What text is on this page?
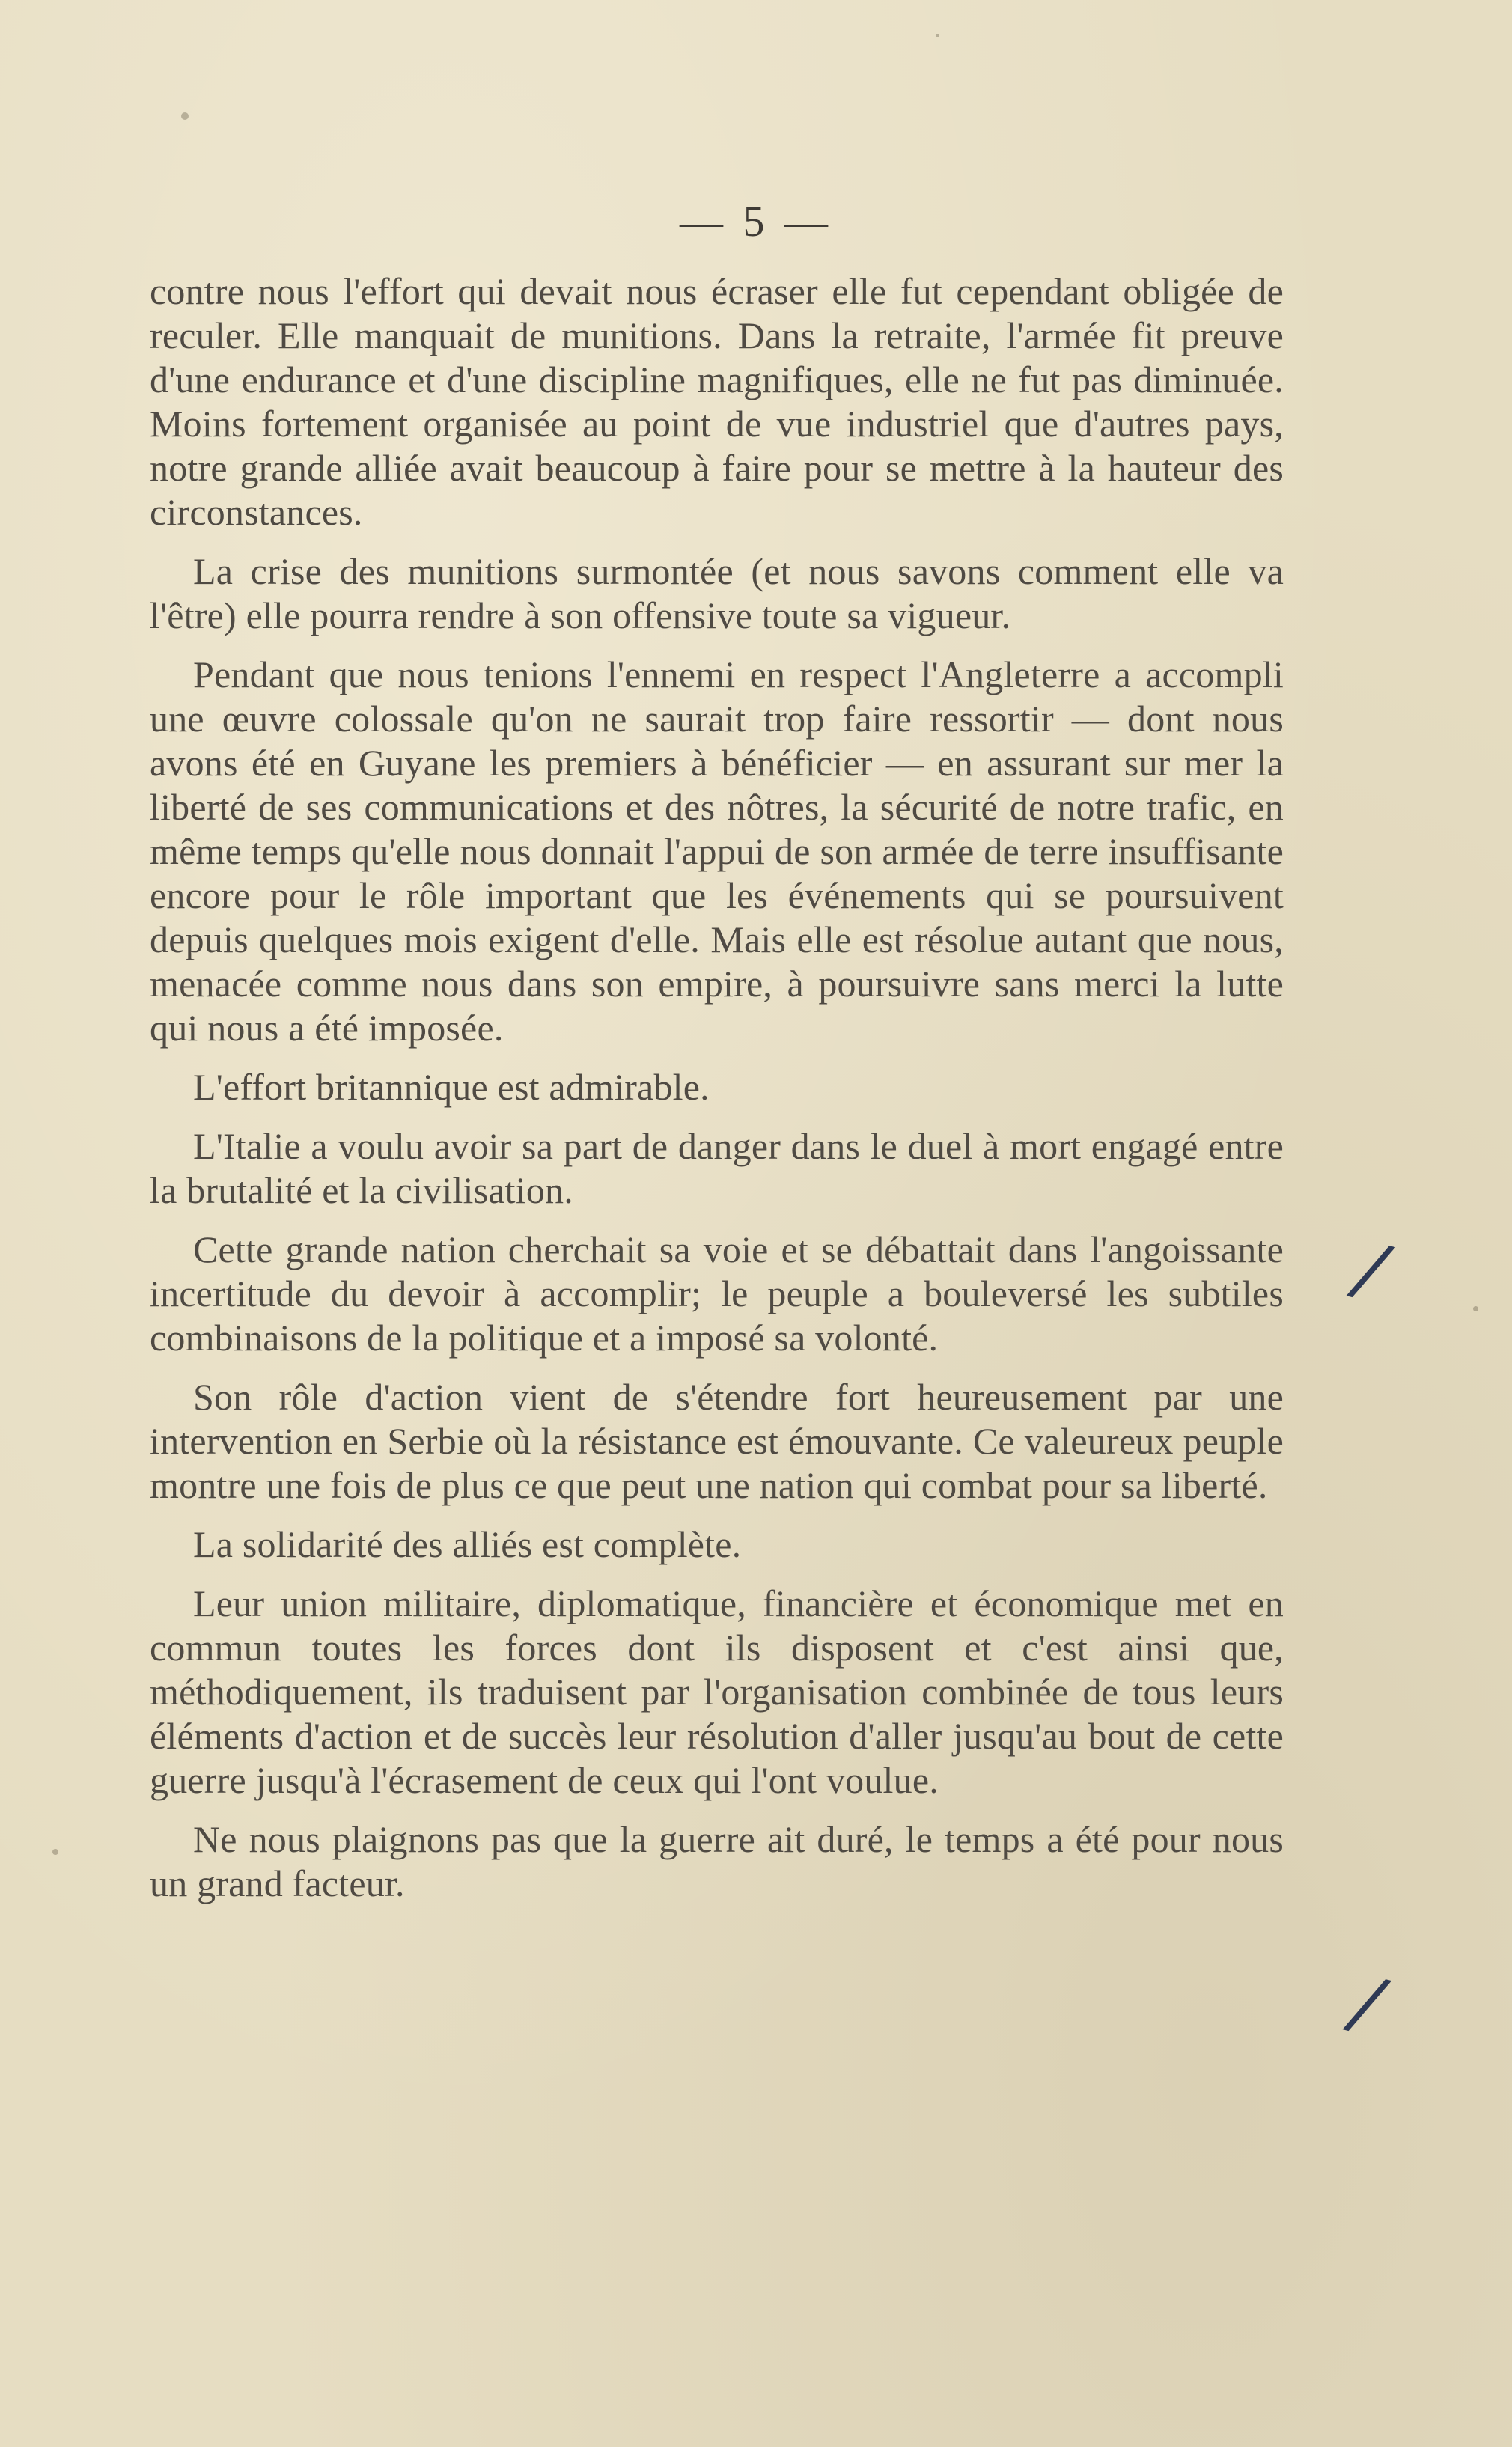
— 5 —

contre nous l'effort qui devait nous écraser elle fut cependant obligée de reculer. Elle manquait de munitions. Dans la retraite, l'armée fit preuve d'une endurance et d'une discipline magnifiques, elle ne fut pas diminuée. Moins fortement organisée au point de vue industriel que d'autres pays, notre grande alliée avait beaucoup à faire pour se mettre à la hauteur des circonstances.

La crise des munitions surmontée (et nous savons comment elle va l'être) elle pourra rendre à son offensive toute sa vigueur.

Pendant que nous tenions l'ennemi en respect l'Angleterre a accompli une œuvre colossale qu'on ne saurait trop faire ressortir — dont nous avons été en Guyane les premiers à bénéficier — en assurant sur mer la liberté de ses communications et des nôtres, la sécurité de notre trafic, en même temps qu'elle nous donnait l'appui de son armée de terre insuffisante encore pour le rôle important que les événements qui se poursuivent depuis quelques mois exigent d'elle. Mais elle est résolue autant que nous, menacée comme nous dans son empire, à poursuivre sans merci la lutte qui nous a été imposée.

L'effort britannique est admirable.

L'Italie a voulu avoir sa part de danger dans le duel à mort engagé entre la brutalité et la civilisation.

Cette grande nation cherchait sa voie et se débattait dans l'angoissante incertitude du devoir à accomplir; le peuple a bouleversé les subtiles combinaisons de la politique et a imposé sa volonté.

Son rôle d'action vient de s'étendre fort heureusement par une intervention en Serbie où la résistance est émouvante. Ce valeureux peuple montre une fois de plus ce que peut une nation qui combat pour sa liberté.

La solidarité des alliés est complète.

Leur union militaire, diplomatique, financière et économique met en commun toutes les forces dont ils disposent et c'est ainsi que, méthodiquement, ils traduisent par l'organisation combinée de tous leurs éléments d'action et de succès leur résolution d'aller jusqu'au bout de cette guerre jusqu'à l'écrasement de ceux qui l'ont voulue.

Ne nous plaignons pas que la guerre ait duré, le temps a été pour nous un grand facteur.

/
/
